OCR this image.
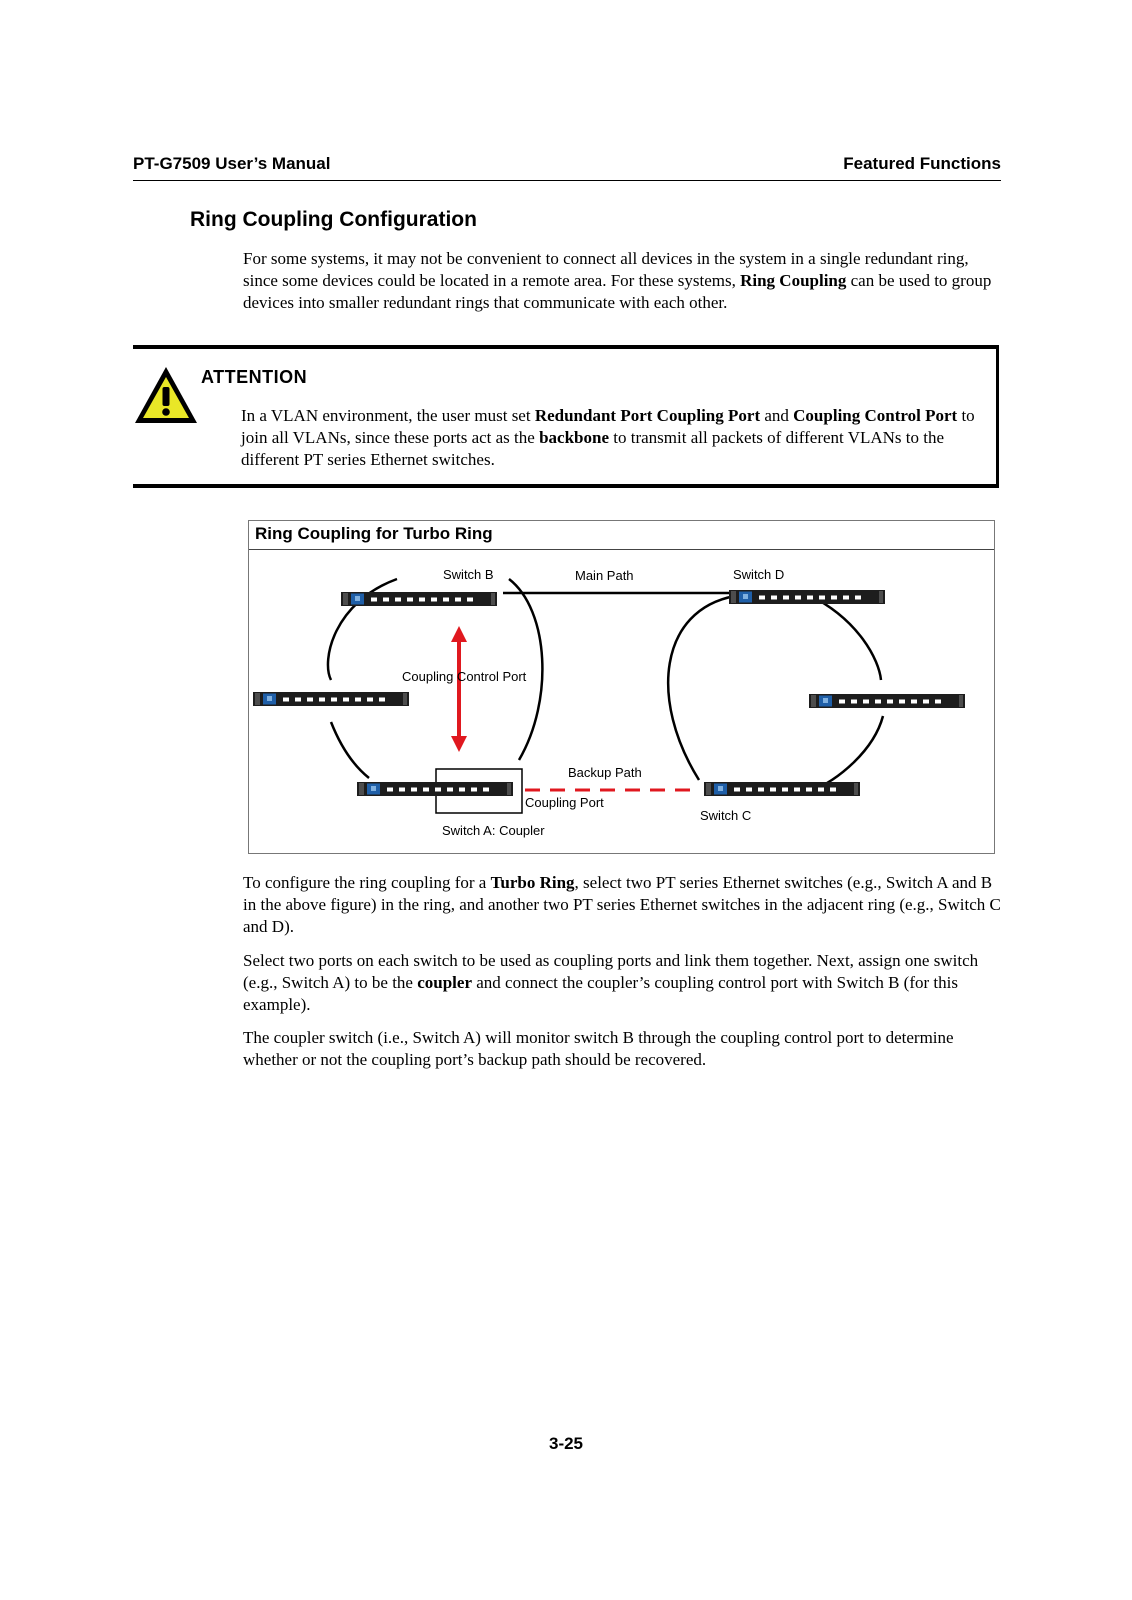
PT-G7509 User’s Manual	Featured Functions
Ring Coupling Configuration
For some systems, it may not be convenient to connect all devices in the system in a single redundant ring, since some devices could be located in a remote area. For these systems, Ring Coupling can be used to group devices into smaller redundant rings that communicate with each other.
ATTENTION
In a VLAN environment, the user must set Redundant Port Coupling Port and Coupling Control Port to join all VLANs, since these ports act as the backbone to transmit all packets of different VLANs to the different PT series Ethernet switches.
Ring Coupling for Turbo Ring
Switch B	Main Path	Switch D
Coupling Control Port
Backup Path
Coupling Port
Switch C
Switch A: Coupler
To configure the ring coupling for a Turbo Ring, select two PT series Ethernet switches (e.g., Switch A and B in the above figure) in the ring, and another two PT series Ethernet switches in the adjacent ring (e.g., Switch C and D).
Select two ports on each switch to be used as coupling ports and link them together. Next, assign one switch (e.g., Switch A) to be the coupler and connect the coupler’s coupling control port with Switch B (for this example).
The coupler switch (i.e., Switch A) will monitor switch B through the coupling control port to determine whether or not the coupling port’s backup path should be recovered.
3-25
